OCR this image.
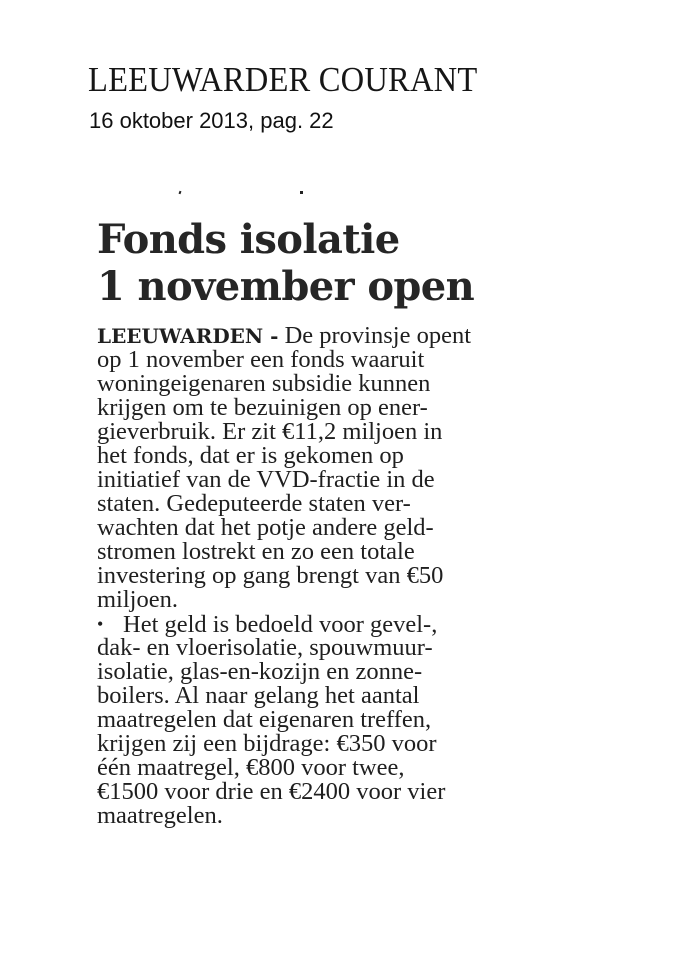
LEEUWARDER COURANT
16 oktober 2013, pag. 22
Fonds isolatie
1 november open
LEEUWARDEN - De provinsje opent
op 1 november een fonds waaruit
woningeigenaren subsidie kunnen
krijgen om te bezuinigen op ener-
gieverbruik. Er zit €11,2 miljoen in
het fonds, dat er is gekomen op
initiatief van de VVD-fractie in de
staten. Gedeputeerde staten ver-
wachten dat het potje andere geld-
stromen lostrekt en zo een totale
investering op gang brengt van €50
miljoen.
• Het geld is bedoeld voor gevel-,
dak- en vloerisolatie, spouwmuur-
isolatie, glas-en-kozijn en zonne-
boilers. Al naar gelang het aantal
maatregelen dat eigenaren treffen,
krijgen zij een bijdrage: €350 voor
één maatregel, €800 voor twee,
€1500 voor drie en €2400 voor vier
maatregelen.
